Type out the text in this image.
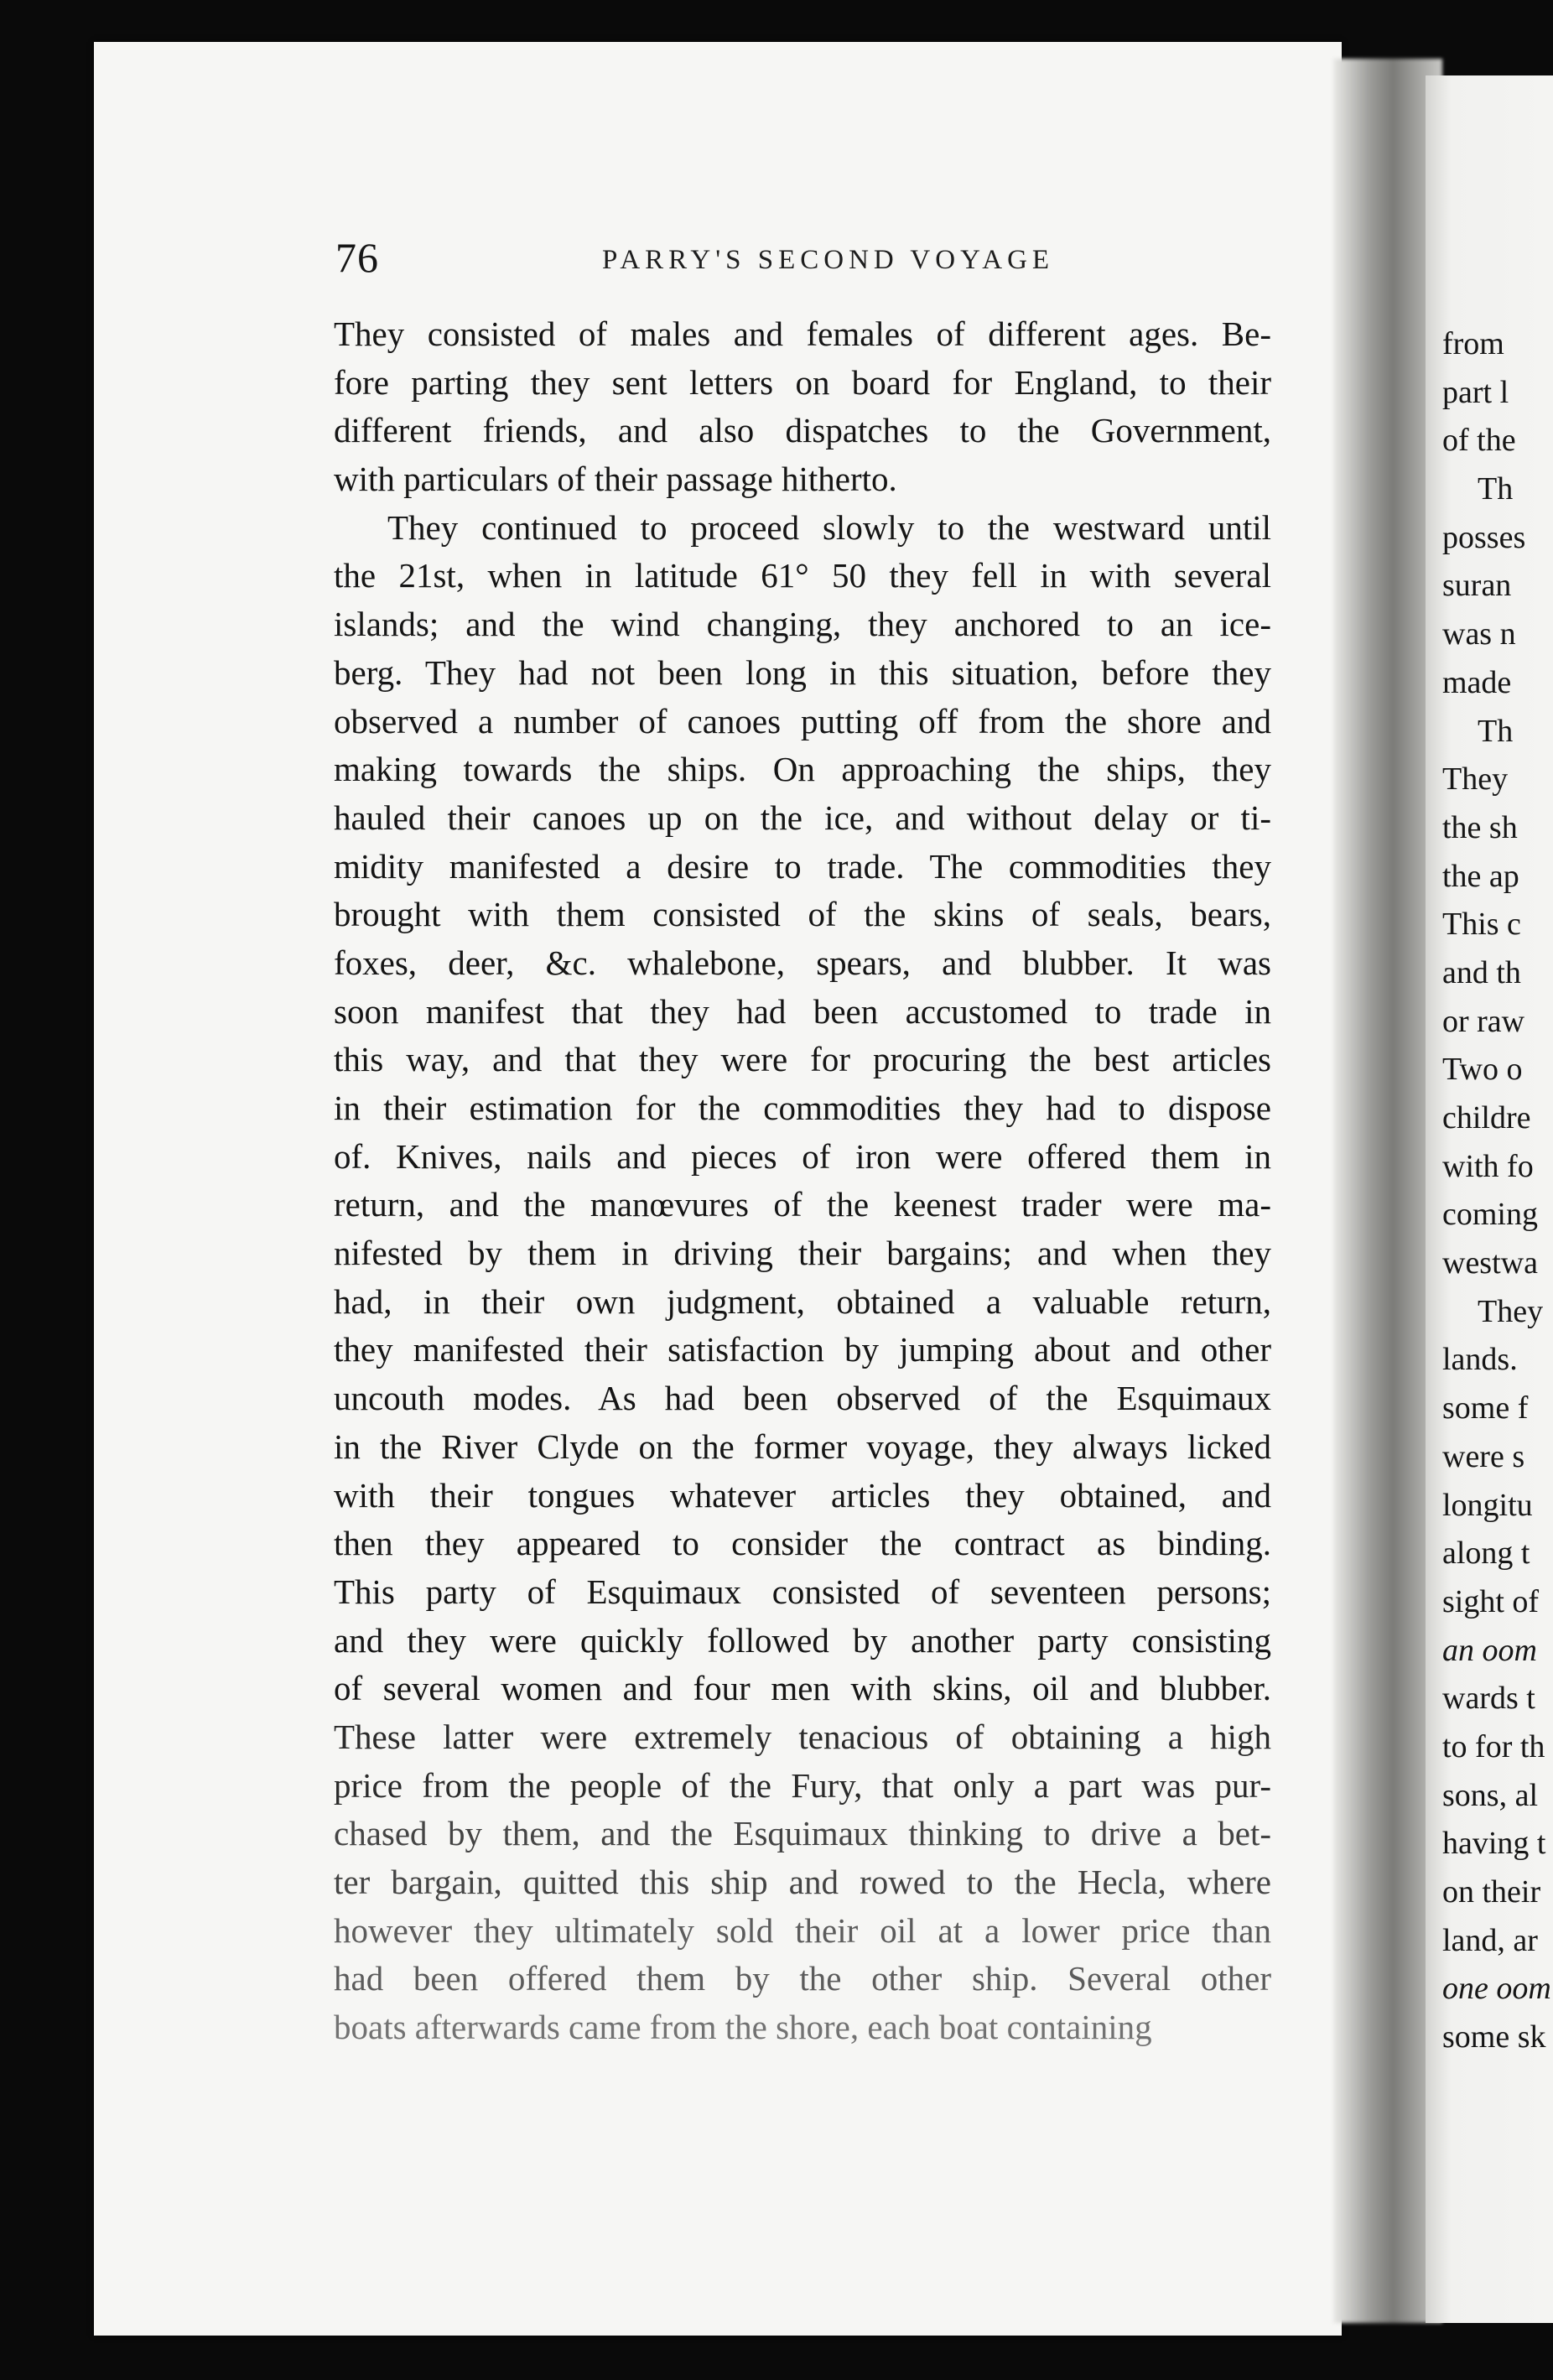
76	PARRY'S SECOND VOYAGE
They consisted of males and females of different ages. Be-
fore parting they sent letters on board for England, to their
different friends, and also dispatches to the Government,
with particulars of their passage hitherto.
They continued to proceed slowly to the westward until
the 21st, when in latitude 61° 50 they fell in with several
islands; and the wind changing, they anchored to an ice-
berg. They had not been long in this situation, before they
observed a number of canoes putting off from the shore and
making towards the ships. On approaching the ships, they
hauled their canoes up on the ice, and without delay or ti-
midity manifested a desire to trade. The commodities they
brought with them consisted of the skins of seals, bears,
foxes, deer, &c. whalebone, spears, and blubber. It was
soon manifest that they had been accustomed to trade in
this way, and that they were for procuring the best articles
in their estimation for the commodities they had to dispose
of. Knives, nails and pieces of iron were offered them in
return, and the manœvures of the keenest trader were ma-
nifested by them in driving their bargains; and when they
had, in their own judgment, obtained a valuable return,
they manifested their satisfaction by jumping about and other
uncouth modes. As had been observed of the Esquimaux
in the River Clyde on the former voyage, they always licked
with their tongues whatever articles they obtained, and
then they appeared to consider the contract as binding.
This party of Esquimaux consisted of seventeen persons;
and they were quickly followed by another party consisting
of several women and four men with skins, oil and blubber.
These latter were extremely tenacious of obtaining a high
price from the people of the Fury, that only a part was pur-
chased by them, and the Esquimaux thinking to drive a bet-
ter bargain, quitted this ship and rowed to the Hecla, where
however they ultimately sold their oil at a lower price than
had been offered them by the other ship. Several other
boats afterwards came from the shore, each boat containing
from
part l
of the
Th
posses
suran
was n
made
Th
They
the sh
the ap
This c
and th
or raw
Two o
childre
with fo
coming
westwa
They
lands.
some f
were s
longitu
along t
sight of
an oom
wards t
to for th
sons, al
having t
on their
land, ar
one oom
some sk
